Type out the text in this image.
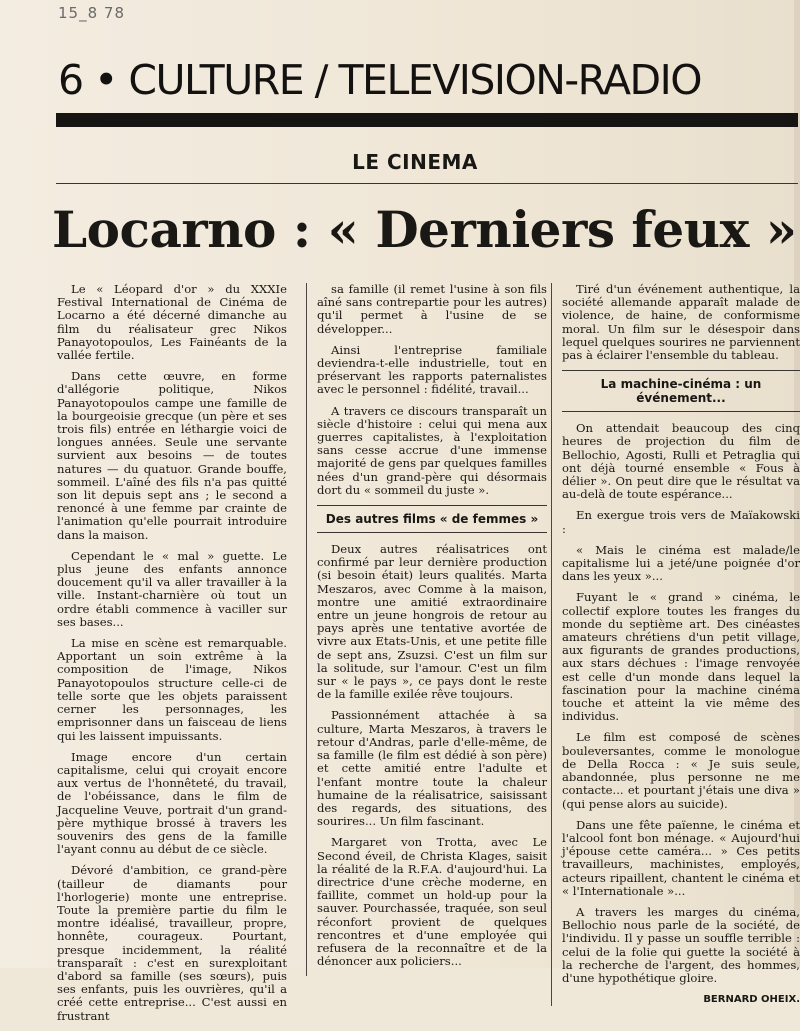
15_8 78
6 • CULTURE / TELEVISION-RADIO
LE CINEMA
Locarno : « Derniers feux »

Le « Léopard d'or » du XXXIe Festival International de Cinéma de Locarno a été décerné dimanche au film du réalisateur grec Nikos Panayotopoulos, Les Fainéants de la vallée fertile.

Dans cette œuvre, en forme d'allégorie politique, Nikos Panayotopoulos campe une famille de la bourgeoisie grecque (un père et ses trois fils) entrée en léthargie voici de longues années. Seule une servante survient aux besoins — de toutes natures — du quatuor. Grande bouffe, sommeil. L'aîné des fils n'a pas quitté son lit depuis sept ans ; le second a renoncé à une femme par crainte de l'animation qu'elle pourrait introduire dans la maison.

Cependant le « mal » guette. Le plus jeune des enfants annonce doucement qu'il va aller travailler à la ville. Instant-charnière où tout un ordre établi commence à vaciller sur ses bases...

La mise en scène est remarquable. Apportant un soin extrême à la composition de l'image, Nikos Panayotopoulos structure celle-ci de telle sorte que les objets paraissent cerner les personnages, les emprisonner dans un faisceau de liens qui les laissent impuissants.

Image encore d'un certain capitalisme, celui qui croyait encore aux vertus de l'honnêteté, du travail, de l'obéissance, dans le film de Jacqueline Veuve, portrait d'un grand-père mythique brossé à travers les souvenirs des gens de la famille l'ayant connu au début de ce siècle.

Dévoré d'ambition, ce grand-père (tailleur de diamants pour l'horlogerie) monte une entreprise. Toute la première partie du film le montre idéalisé, travailleur, propre, honnête, courageux. Pourtant, presque incidemment, la réalité transparaît : c'est en surexploitant d'abord sa famille (ses sœurs), puis ses enfants, puis les ouvrières, qu'il a créé cette entreprise... C'est aussi en frustrant

sa famille (il remet l'usine à son fils aîné sans contrepartie pour les autres) qu'il permet à l'usine de se développer...

Ainsi l'entreprise familiale deviendra-t-elle industrielle, tout en préservant les rapports paternalistes avec le personnel : fidélité, travail...

A travers ce discours transparaît un siècle d'histoire : celui qui mena aux guerres capitalistes, à l'exploitation sans cesse accrue d'une immense majorité de gens par quelques familles nées d'un grand-père qui désormais dort du « sommeil du juste ».

Des autres films « de femmes »

Deux autres réalisatrices ont confirmé par leur dernière production (si besoin était) leurs qualités. Marta Meszaros, avec Comme à la maison, montre une amitié extraordinaire entre un jeune hongrois de retour au pays après une tentative avortée de vivre aux Etats-Unis, et une petite fille de sept ans, Zsuzsi. C'est un film sur la solitude, sur l'amour. C'est un film sur « le pays », ce pays dont le reste de la famille exilée rêve toujours.

Passionnément attachée à sa culture, Marta Meszaros, à travers le retour d'Andras, parle d'elle-même, de sa famille (le film est dédié à son père) et cette amitié entre l'adulte et l'enfant montre toute la chaleur humaine de la réalisatrice, saisissant des regards, des situations, des sourires... Un film fascinant.

Margaret von Trotta, avec Le Second éveil, de Christa Klages, saisit la réalité de la R.F.A. d'aujourd'hui. La directrice d'une crèche moderne, en faillite, commet un hold-up pour la sauver. Pourchassée, traquée, son seul réconfort provient de quelques rencontres et d'une employée qui refusera de la reconnaître et de la dénoncer aux policiers...

Tiré d'un événement authentique, la société allemande apparaît malade de violence, de haine, de conformisme moral. Un film sur le désespoir dans lequel quelques sourires ne parviennent pas à éclairer l'ensemble du tableau.

La machine-cinéma : un événement...

On attendait beaucoup des cinq heures de projection du film de Bellochio, Agosti, Rulli et Petraglia qui ont déjà tourné ensemble « Fous à délier ». On peut dire que le résultat va au-delà de toute espérance...

En exergue trois vers de Maïakowski :

« Mais le cinéma est malade/le capitalisme lui a jeté/une poignée d'or dans les yeux »...

Fuyant le « grand » cinéma, le collectif explore toutes les franges du monde du septième art. Des cinéastes amateurs chrétiens d'un petit village, aux figurants de grandes productions, aux stars déchues : l'image renvoyée est celle d'un monde dans lequel la fascination pour la machine cinéma touche et atteint la vie même des individus.

Le film est composé de scènes bouleversantes, comme le monologue de Della Rocca : « Je suis seule, abandonnée, plus personne ne me contacte... et pourtant j'étais une diva » (qui pense alors au suicide).

Dans une fête païenne, le cinéma et l'alcool font bon ménage. « Aujourd'hui j'épouse cette caméra... » Ces petits travailleurs, machinistes, employés, acteurs ripaillent, chantent le cinéma et « l'Internationale »...

A travers les marges du cinéma, Bellochio nous parle de la société, de l'individu. Il y passe un souffle terrible : celui de la folie qui guette la société à la recherche de l'argent, des hommes, d'une hypothétique gloire.

BERNARD OHEIX.
